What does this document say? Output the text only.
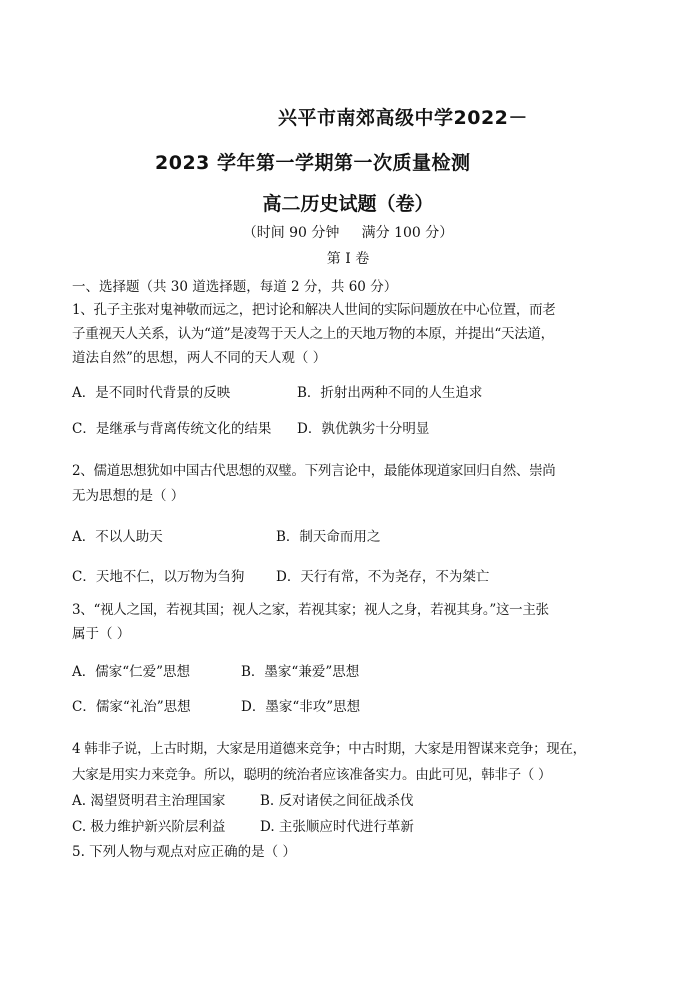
兴平市南郊高级中学2022－
2023 学年第一学期第一次质量检测
高二历史试题（卷）
（时间 90 分钟     满分 100 分）
第 I 卷
一、选择题（共 30 道选择题，每道 2 分，共 60 分）
1、孔子主张对鬼神敬而远之，把讨论和解决人世间的实际问题放在中心位置，而老
子重视天人关系，认为“道”是凌驾于天人之上的天地万物的本原，并提出“天法道，
道法自然”的思想，两人不同的天人观（ ）
A．是不同时代背景的反映	B．折射出两种不同的人生追求
C．是继承与背离传统文化的结果 D．孰优孰劣十分明显
2、儒道思想犹如中国古代思想的双璧。下列言论中，最能体现道家回归自然、崇尚
无为思想的是（ ）
A．不以人助天	B．制天命而用之
C．天地不仁，以万物为刍狗 D．天行有常，不为尧存，不为桀亡
3、“视人之国，若视其国；视人之家，若视其家；视人之身，若视其身。”这一主张
属于（ ）
A．儒家“仁爱”思想	B．墨家“兼爱”思想
C．儒家“礼治”思想	D．墨家“非攻”思想
4 韩非子说，上古时期，大家是用道德来竞争；中古时期，大家是用智谋来竞争；现在，
大家是用实力来竞争。所以，聪明的统治者应该准备实力。由此可见，韩非子（ ）
A. 渴望贤明君主治理国家	B. 反对诸侯之间征战杀伐
C. 极力维护新兴阶层利益	D. 主张顺应时代进行革新
5. 下列人物与观点对应正确的是（ ）
